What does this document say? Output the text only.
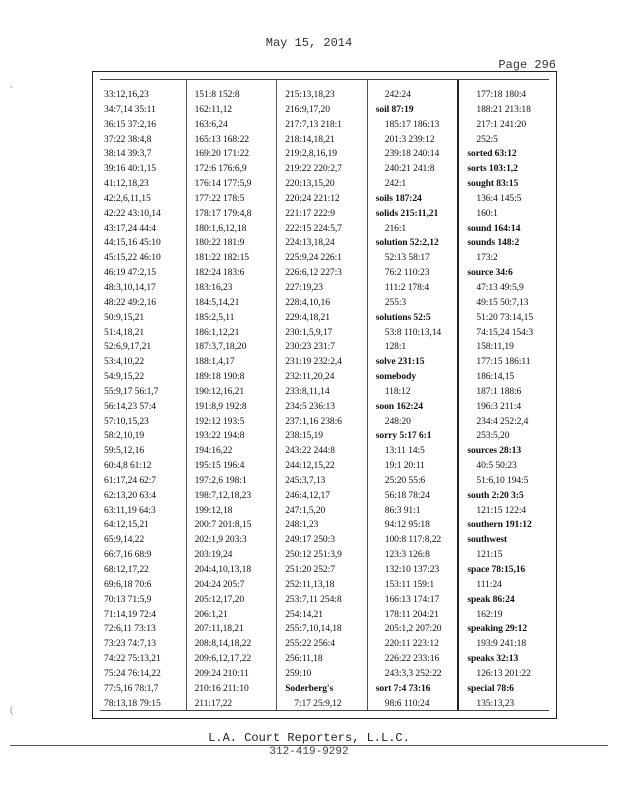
May 15, 2014
Page 296
33:12,16,23
34:7,14 35:11
36:15 37:2,16
37:22 38:4,8
38:14 39:3,7
39:16 40:1,15
41:12,18,23
42:2,6,11,15
42:22 43:10,14
43:17,24 44:4
44:15,16 45:10
45:15,22 46:10
46:19 47:2,15
48:3,10,14,17
48:22 49:2,16
50:9,15,21
51:4,18,21
52:6,9,17,21
53:4,10,22
54:9,15,22
55:9,17 56:1,7
56:14,23 57:4
57:10,15,23
58:2,10,19
59:5,12,16
60:4,8 61:12
61:17,24 62:7
62:13,20 63:4
63:11,19 64:3
64:12,15,21
65:9,14,22
66:7,16 68:9
68:12,17,22
69:6,18 70:6
70:13 71:5,9
71:14,19 72:4
72:6,11 73:13
73:23 74:7,13
74:22 75:13,21
75:24 76:14,22
77:5,16 78:1,7
78:13,18 79:15
151:8 152:8
162:11,12
163:6,24
165:13 168:22
169:20 171:22
172:6 176:6,9
176:14 177:5,9
177:22 178:5
178:17 179:4,8
180:1,6,12,18
180:22 181:9
181:22 182:15
182:24 183:6
183:16,23
184:5,14,21
185:2,5,11
186:1,12,21
187:3,7,18,20
188:1,4,17
189:18 190:8
190:12,16,21
191:8,9 192:8
192:12 193:5
193:22 194:8
194:16,22
195:15 196:4
197:2,6 198:1
198:7,12,18,23
199:12,18
200:7 201:8,15
202:1,9 203:3
203:19,24
204:4,10,13,18
204:24 205:7
205:12,17,20
206:1,21
207:11,18,21
208:8,14,18,22
209:6,12,17,22
209:24 210:11
210:16 211:10
211:17,22
215:13,18,23
216:9,17,20
217:7,13 218:1
218:14,18,21
219:2,8,16,19
219:22 220:2,7
220:13,15,20
220:24 221:12
221:17 222:9
222:15 224:5,7
224:13,18,24
225:9,24 226:1
226:6,12 227:3
227:19,23
228:4,10,16
229:4,18,21
230:1,5,9,17
230:23 231:7
231:19 232:2,4
232:11,20,24
233:8,11,14
234:5 236:13
237:1,16 238:6
238:15,19
243:22 244:8
244:12,15,22
245:3,7,13
246:4,12,17
247:1,5,20
248:1,23
249:17 250:3
250:12 251:3,9
251:20 252:7
252:11,13,18
253:7,11 254:8
254:14,21
255:7,10,14,18
255:22 256:4
256:11,18
259:10
Soderberg's
7:17 25:9,12
242:24
soil 87:19
185:17 186:13
201:3 239:12
239:18 240:14
240:21 241:8
242:1
soils 187:24
solids 215:11,21
216:1
solution 52:2,12
52:13 58:17
76:2 110:23
111:2 178:4
255:3
solutions 52:5
53:8 110:13,14
128:1
solve 231:15
somebody
118:12
soon 162:24
248:20
sorry 5:17 6:1
13:11 14:5
19:1 20:11
25:20 55:6
56:18 78:24
86:3 91:1
94:12 95:18
100:8 117:8,22
123:3 126:8
132:10 137:23
153:11 159:1
166:13 174:17
178:11 204:21
205:1,2 207:20
220:11 223:12
226:22 233:16
243:3,3 252:22
sort 7:4 73:16
98:6 110:24
177:18 180:4
188:21 213:18
217:1 241:20
252:5
sorted 63:12
sorts 103:1,2
sought 83:15
136:4 145:5
160:1
sound 164:14
sounds 148:2
173:2
source 34:6
47:13 49:5,9
49:15 50:7,13
51:20 73:14,15
74:15,24 154:3
158:11,19
177:15 186:11
186:14,15
187:1 188:6
196:3 211:4
234:4 252:2,4
253:5,20
sources 28:13
40:5 50:23
51:6,10 194:5
south 2:20 3:5
121:15 122:4
southern 191:12
southwest
121:15
space 78:15,16
111:24
speak 86:24
162:19
speaking 29:12
193:9 241:18
speaks 32:13
126:13 201:22
special 78:6
135:13,23
L.A. Court Reporters, L.L.C.
312-419-9292
˛
(
